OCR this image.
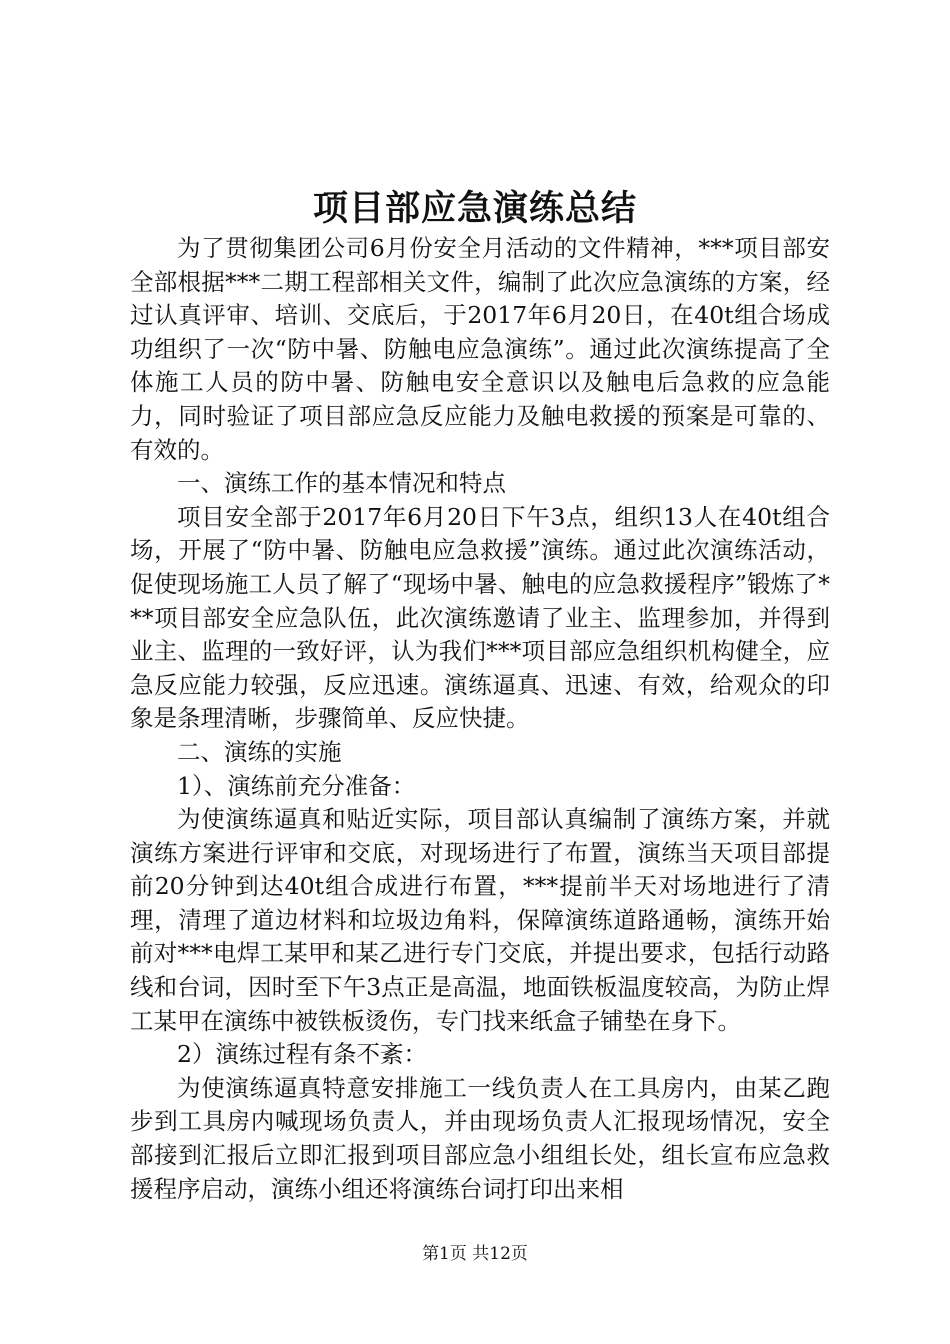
项目部应急演练总结

为了贯彻集团公司6月份安全月活动的文件精神，***项目部安全部根据***二期工程部相关文件，编制了此次应急演练的方案，经过认真评审、培训、交底后，于2017年6月20日，在40t组合场成功组织了一次“防中暑、防触电应急演练”。通过此次演练提高了全体施工人员的防中暑、防触电安全意识以及触电后急救的应急能力，同时验证了项目部应急反应能力及触电救援的预案是可靠的、有效的。

一、演练工作的基本情况和特点

项目安全部于2017年6月20日下午3点，组织13人在40t组合场，开展了“防中暑、防触电应急救援”演练。通过此次演练活动，促使现场施工人员了解了“现场中暑、触电的应急救援程序”锻炼了***项目部安全应急队伍，此次演练邀请了业主、监理参加，并得到业主、监理的一致好评，认为我们***项目部应急组织机构健全，应急反应能力较强，反应迅速。演练逼真、迅速、有效，给观众的印象是条理清晰，步骤简单、反应快捷。

二、演练的实施

1）、演练前充分准备：

为使演练逼真和贴近实际，项目部认真编制了演练方案，并就演练方案进行评审和交底，对现场进行了布置，演练当天项目部提前20分钟到达40t组合成进行布置，***提前半天对场地进行了清理，清理了道边材料和垃圾边角料，保障演练道路通畅，演练开始前对***电焊工某甲和某乙进行专门交底，并提出要求，包括行动路线和台词，因时至下午3点正是高温，地面铁板温度较高，为防止焊工某甲在演练中被铁板烫伤，专门找来纸盒子铺垫在身下。

2）演练过程有条不紊：

为使演练逼真特意安排施工一线负责人在工具房内，由某乙跑步到工具房内喊现场负责人，并由现场负责人汇报现场情况，安全部接到汇报后立即汇报到项目部应急小组组长处，组长宣布应急救援程序启动，演练小组还将演练台词打印出来相

第1页 共12页
